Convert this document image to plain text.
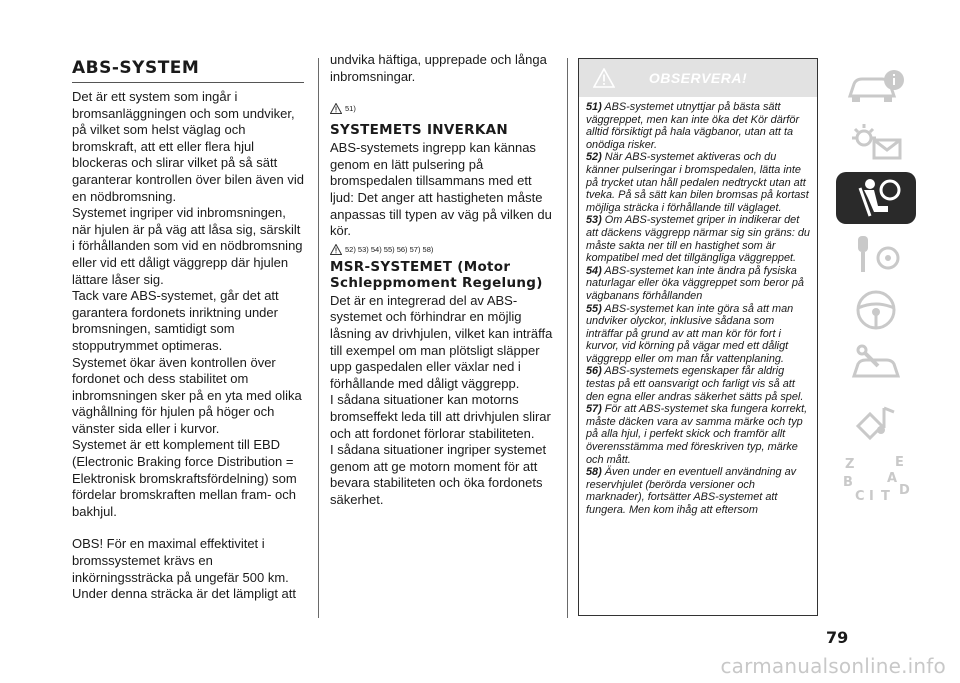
ABS-SYSTEM

Det är ett system som ingår i bromsanläggningen och som undviker, på vilket som helst väglag och bromskraft, att ett eller flera hjul blockeras och slirar vilket på så sätt garanterar kontrollen över bilen även vid en nödbromsning.

Systemet ingriper vid inbromsningen, när hjulen är på väg att låsa sig, särskilt i förhållanden som vid en nödbromsning eller vid ett dåligt väggrepp där hjulen lättare låser sig.

Tack vare ABS-systemet, går det att garantera fordonets inriktning under bromsningen, samtidigt som stopputrymmet optimeras.

Systemet ökar även kontrollen över fordonet och dess stabilitet om inbromsningen sker på en yta med olika väghållning för hjulen på höger och vänster sida eller i kurvor.

Systemet är ett komplement till EBD (Electronic Braking force Distribution = Elektronisk bromskraftsfördelning) som fördelar bromskraften mellan fram- och bakhjul.

OBS! För en maximal effektivitet i bromssystemet krävs en inkörningssträcka på ungefär 500 km. Under denna sträcka är det lämpligt att

undvika häftiga, upprepade och långa inbromsningar.

51)
SYSTEMETS INVERKAN

ABS-systemets ingrepp kan kännas genom en lätt pulsering på bromspedalen tillsammans med ett ljud: Det anger att hastigheten måste anpassas till typen av väg på vilken du kör.

52) 53) 54) 55) 56) 57) 58)
MSR-SYSTEMET (Motor Schleppmoment Regelung)

Det är en integrerad del av ABS-systemet och förhindrar en möjlig låsning av drivhjulen, vilket kan inträffa till exempel om man plötsligt släpper upp gaspedalen eller växlar ned i förhållande med dåligt väggrepp.

I sådana situationer kan motorns bromseffekt leda till att drivhjulen slirar och att fordonet förlorar stabiliteten.

I sådana situationer ingriper systemet genom att ge motorn moment för att bevara stabiliteten och öka fordonets säkerhet.

OBSERVERA!

51) ABS-systemet utnyttjar på bästa sätt väggreppet, men kan inte öka det Kör därför alltid försiktigt på hala vägbanor, utan att ta onödiga risker.

52) När ABS-systemet aktiveras och du känner pulseringar i bromspedalen, lätta inte på trycket utan håll pedalen nedtryckt utan att tveka. På så sätt kan bilen bromsas på kortast möjliga sträcka i förhållande till väglaget.

53) Om ABS-systemet griper in indikerar det att däckens väggrepp närmar sig sin gräns: du måste sakta ner till en hastighet som är kompatibel med det tillgängliga väggreppet.

54) ABS-systemet kan inte ändra på fysiska naturlagar eller öka väggreppet som beror på vägbanans förhållanden

55) ABS-systemet kan inte göra så att man undviker olyckor, inklusive sådana som inträffar på grund av att man kör för fort i kurvor, vid körning på vägar med ett dåligt väggrepp eller om man får vattenplaning.

56) ABS-systemets egenskaper får aldrig testas på ett oansvarigt och farligt vis så att den egna eller andras säkerhet sätts på spel.

57) För att ABS-systemet ska fungera korrekt, måste däcken vara av samma märke och typ på alla hjul, i perfekt skick och framför allt överensstämma med föreskriven typ, märke och mått.

58) Även under en eventuell användning av reservhjulet (berörda versioner och marknader), fortsätter ABS-systemet att fungera. Men kom ihåg att eftersom

Z	E
B	A
C	D
I T
79
carmanualsonline.info
